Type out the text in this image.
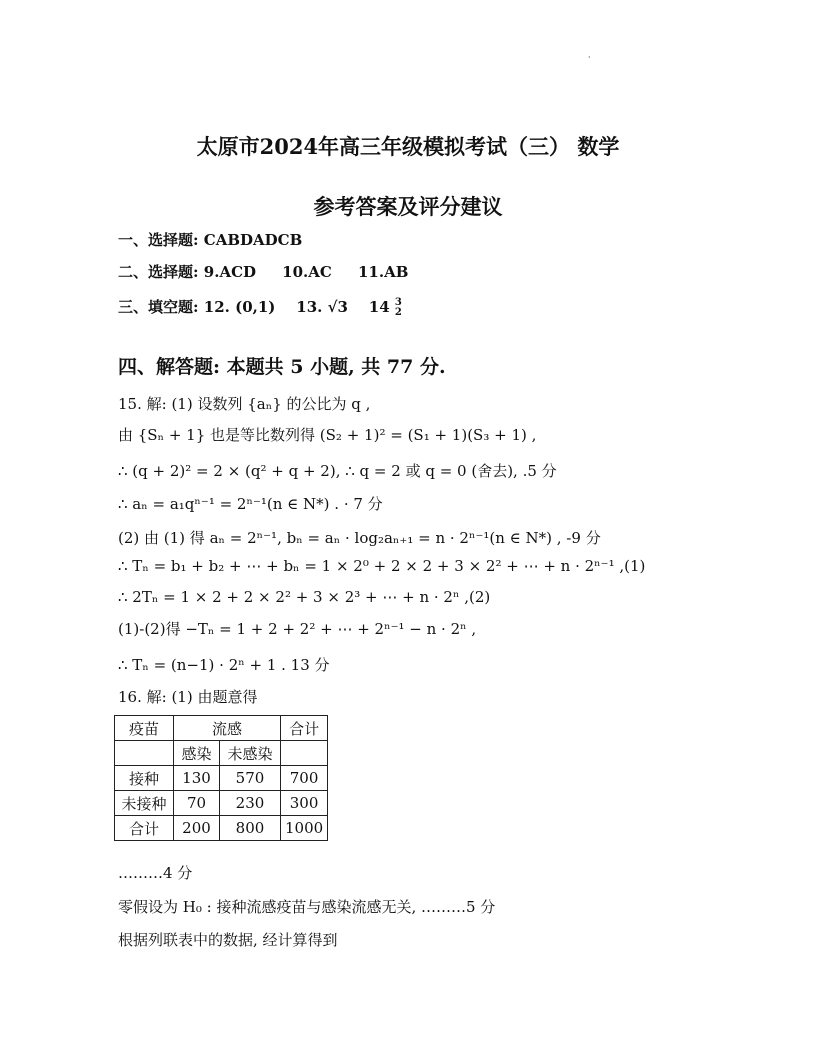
·
太原市2024年高三年级模拟考试（三） 数学
参考答案及评分建议
一、选择题: CABDADCB
二、选择题: 9.ACD 10.AC 11.AB
三、填空题: 12. (0,1) 13. √3 14 3
2
四、解答题: 本题共 5 小题, 共 77 分.
15. 解: (1) 设数列 {aₙ} 的公比为 q ,
由 {Sₙ + 1} 也是等比数列得 (S₂ + 1)² = (S₁ + 1)(S₃ + 1) ,
∴ (q + 2)² = 2 × (q² + q + 2), ∴ q = 2 或 q = 0 (舍去), .5 分
∴ aₙ = a₁qⁿ⁻¹ = 2ⁿ⁻¹(n ∈ N*) . · 7 分
(2) 由 (1) 得 aₙ = 2ⁿ⁻¹, bₙ = aₙ · log₂aₙ₊₁ = n · 2ⁿ⁻¹(n ∈ N*) , -9 分
∴ Tₙ = b₁ + b₂ + ⋯ + bₙ = 1 × 2⁰ + 2 × 2 + 3 × 2² + ⋯ + n · 2ⁿ⁻¹ ,(1)
∴ 2Tₙ = 1 × 2 + 2 × 2² + 3 × 2³ + ⋯ + n · 2ⁿ ,(2)
(1)-(2)得 −Tₙ = 1 + 2 + 2² + ⋯ + 2ⁿ⁻¹ − n · 2ⁿ ,
∴ Tₙ = (n−1) · 2ⁿ + 1 . 13 分
16. 解: (1) 由题意得
疫苗	流感		合计
	感染	未感染	
接种	130	570	700
未接种	70	230	300
合计	200	800	1000
………4 分
零假设为 H₀ : 接种流感疫苗与感染流感无关, ………5 分
根据列联表中的数据, 经计算得到
